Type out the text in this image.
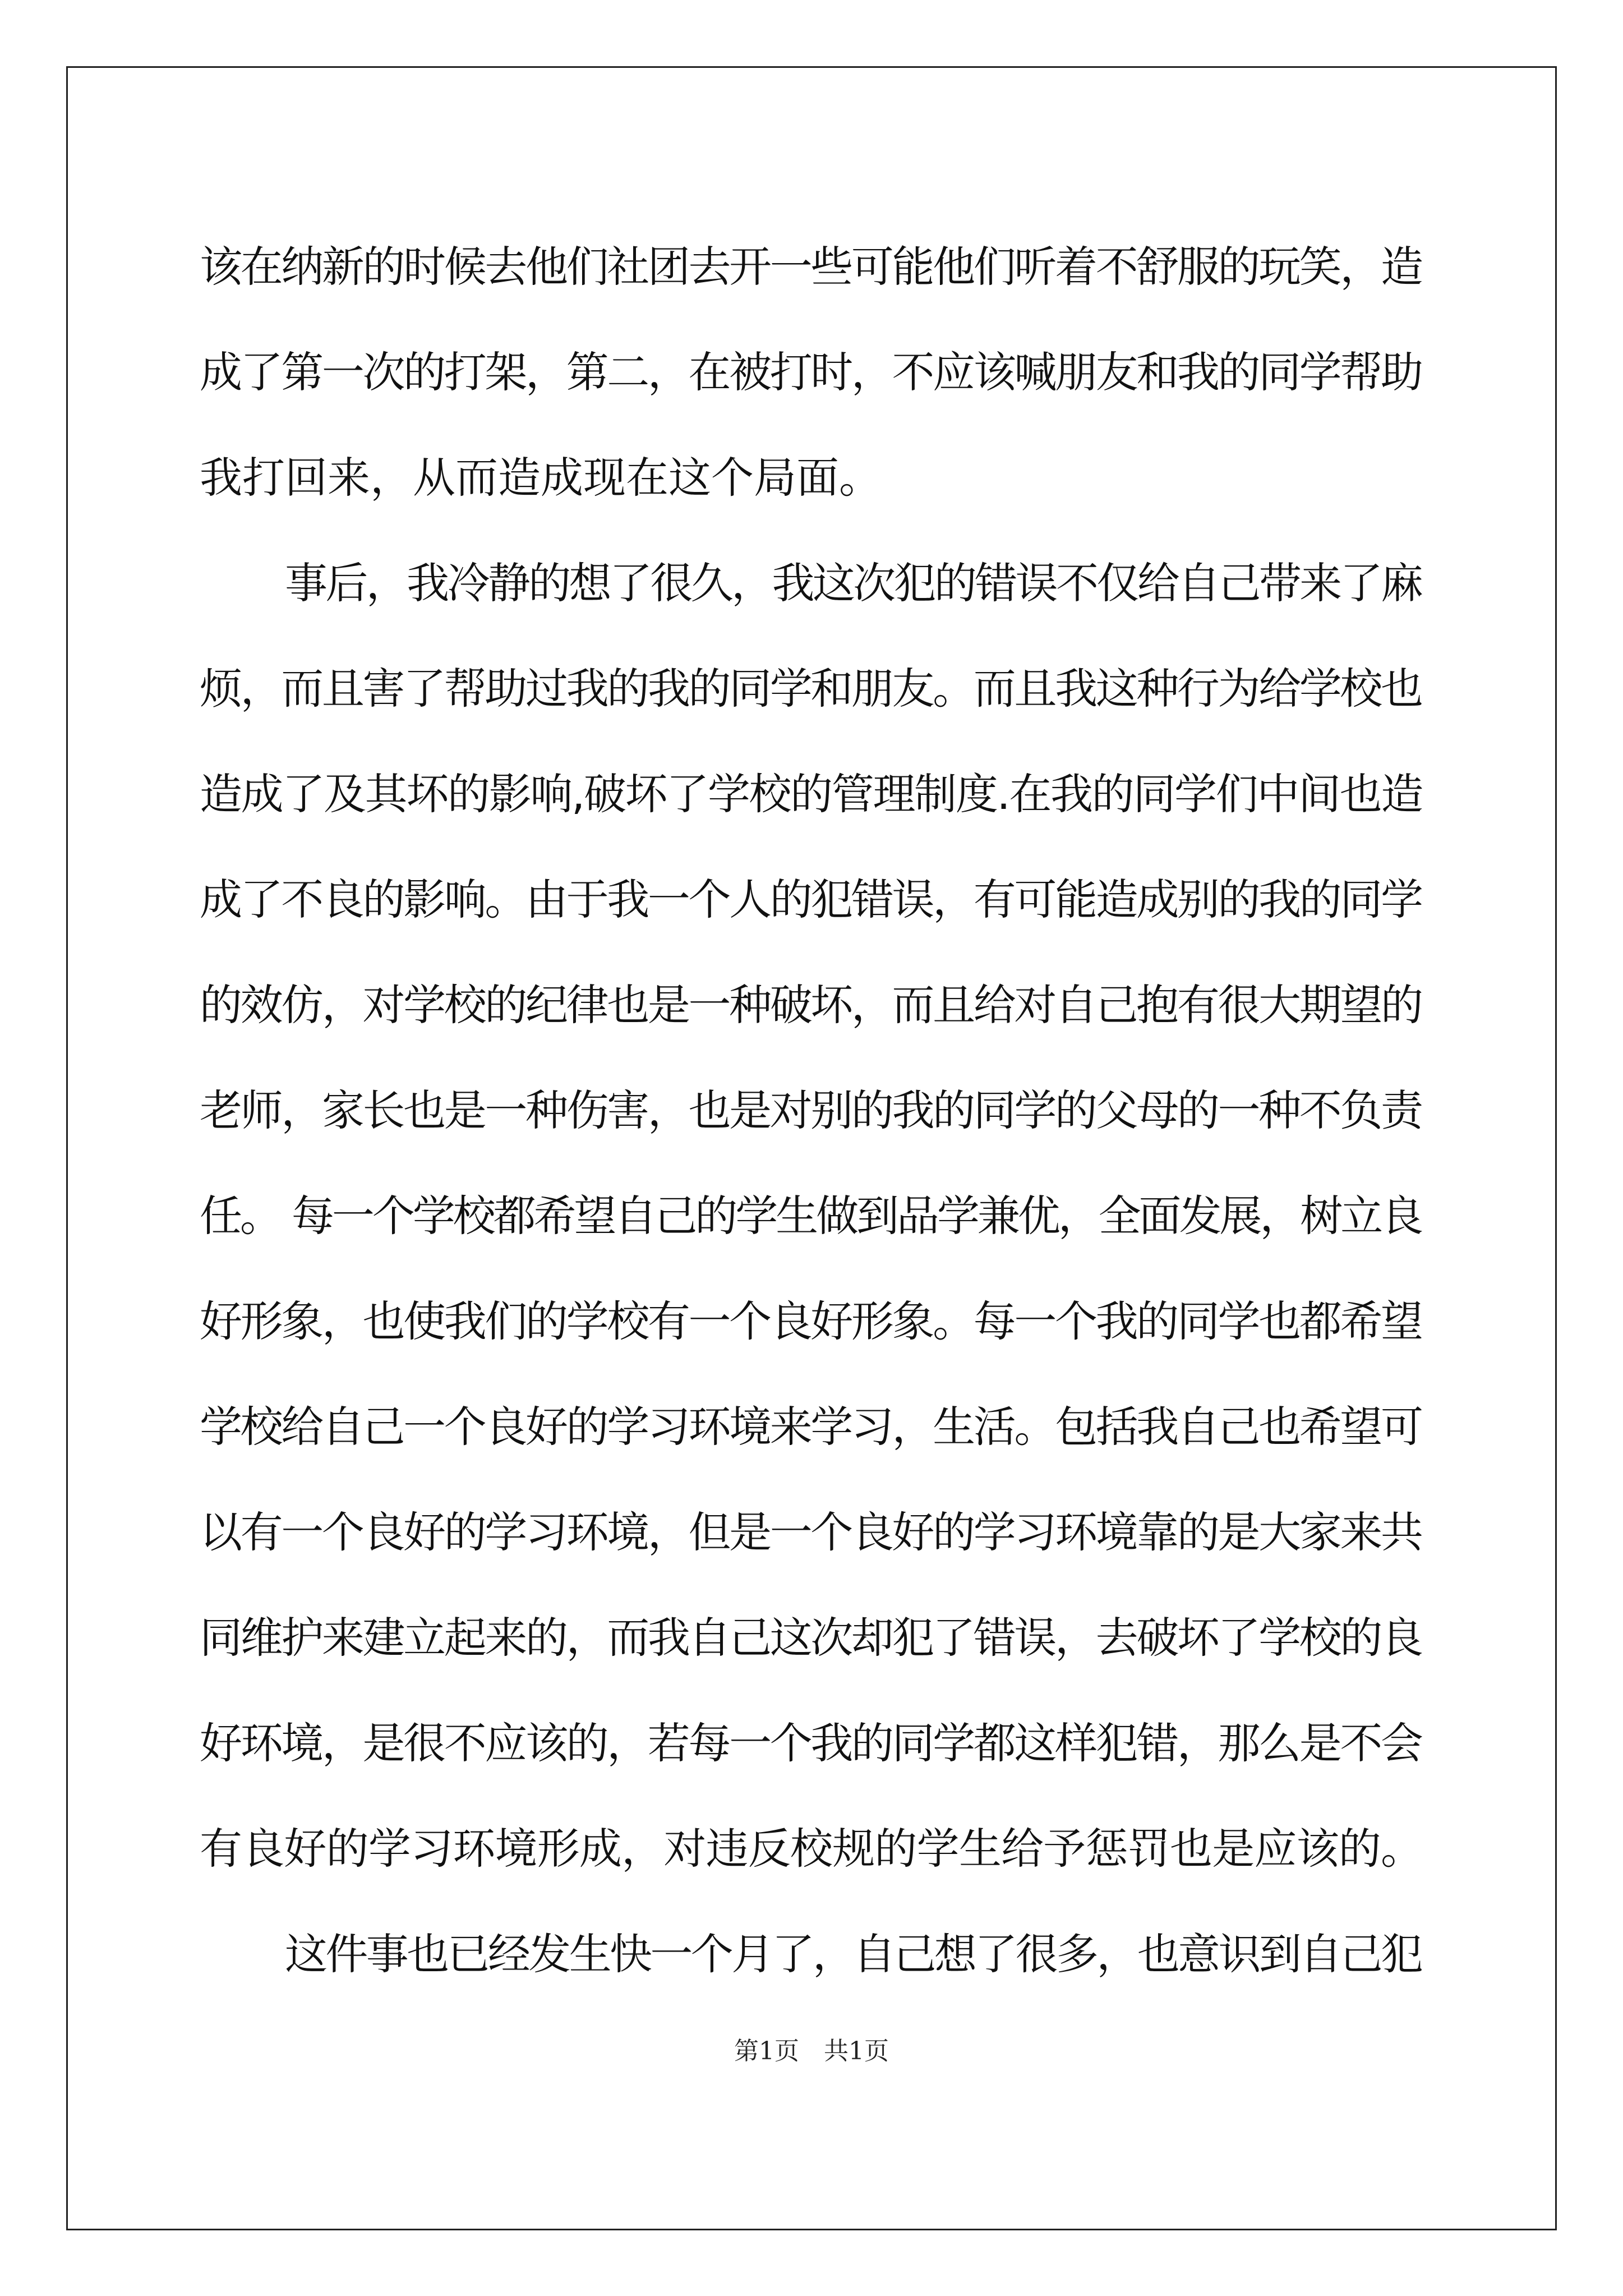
该在纳新的时候去他们社团去开一些可能他们听着不舒服的玩笑，造
成了第一次的打架，第二，在被打时，不应该喊朋友和我的同学帮助
我打回来，从而造成现在这个局面。
事后，我冷静的想了很久，我这次犯的错误不仅给自己带来了麻
烦，而且害了帮助过我的我的同学和朋友。而且我这种行为给学校也
造成了及其坏的影响,破坏了学校的管理制度.在我的同学们中间也造
成了不良的影响。由于我一个人的犯错误，有可能造成别的我的同学
的效仿，对学校的纪律也是一种破坏，而且给对自己抱有很大期望的
老师，家长也是一种伤害，也是对别的我的同学的父母的一种不负责
任。 每一个学校都希望自己的学生做到品学兼优，全面发展，树立良
好形象，也使我们的学校有一个良好形象。每一个我的同学也都希望
学校给自己一个良好的学习环境来学习，生活。包括我自己也希望可
以有一个良好的学习环境，但是一个良好的学习环境靠的是大家来共
同维护来建立起来的，而我自己这次却犯了错误，去破坏了学校的良
好环境，是很不应该的，若每一个我的同学都这样犯错，那么是不会
有良好的学习环境形成，对违反校规的学生给予惩罚也是应该的。
这件事也已经发生快一个月了，自己想了很多，也意识到自己犯
第1页　共1页
